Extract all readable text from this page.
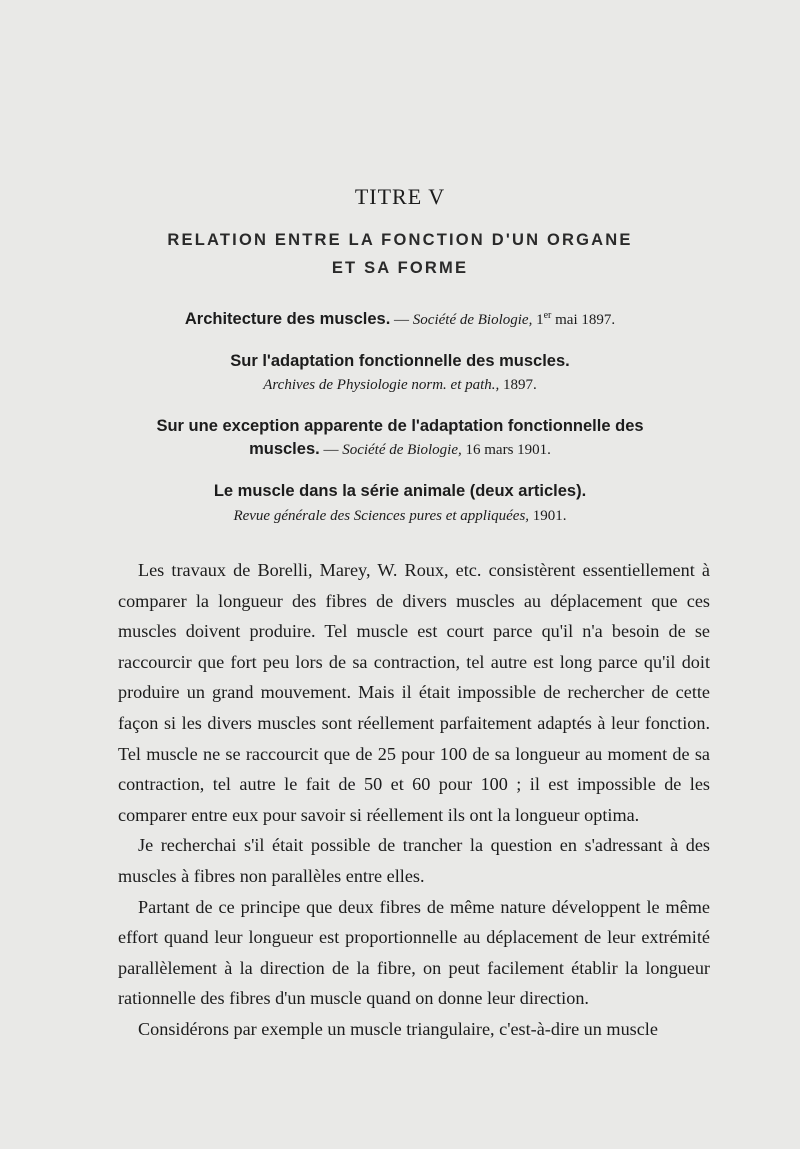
TITRE V
RELATION ENTRE LA FONCTION D'UN ORGANE
ET SA FORME
Architecture des muscles. — Société de Biologie, 1er mai 1897.
Sur l'adaptation fonctionnelle des muscles.
Archives de Physiologie norm. et path., 1897.
Sur une exception apparente de l'adaptation fonctionnelle des
muscles. — Société de Biologie, 16 mars 1901.
Le muscle dans la série animale (deux articles).
Revue générale des Sciences pures et appliquées, 1901.

Les travaux de Borelli, Marey, W. Roux, etc. consistèrent essentiellement à comparer la longueur des fibres de divers muscles au déplacement que ces muscles doivent produire. Tel muscle est court parce qu'il n'a besoin de se raccourcir que fort peu lors de sa contraction, tel autre est long parce qu'il doit produire un grand mouvement. Mais il était impossible de rechercher de cette façon si les divers muscles sont réellement parfaitement adaptés à leur fonction. Tel muscle ne se raccourcit que de 25 pour 100 de sa longueur au moment de sa contraction, tel autre le fait de 50 et 60 pour 100 ; il est impossible de les comparer entre eux pour savoir si réellement ils ont la longueur optima.

Je recherchai s'il était possible de trancher la question en s'adressant à des muscles à fibres non parallèles entre elles.

Partant de ce principe que deux fibres de même nature développent le même effort quand leur longueur est proportionnelle au déplacement de leur extrémité parallèlement à la direction de la fibre, on peut facilement établir la longueur rationnelle des fibres d'un muscle quand on donne leur direction.

Considérons par exemple un muscle triangulaire, c'est-à-dire un muscle
